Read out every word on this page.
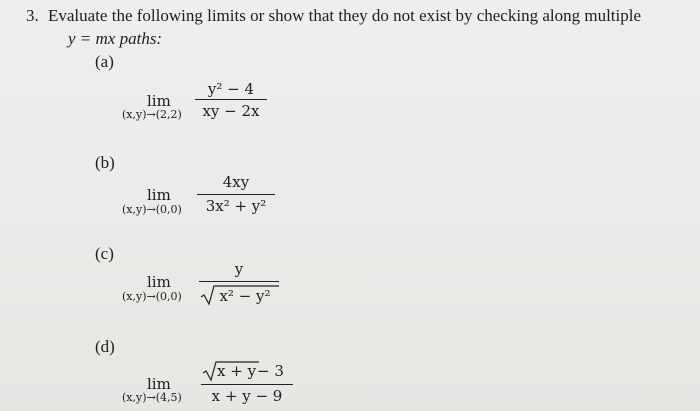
3. Evaluate the following limits or show that they do not exist by checking along multiple
y = mx paths:
(a)
lim
(x,y)→(2,2)
y² − 4
xy − 2x
(b)
lim
(x,y)→(0,0)
4xy
3x² + y²
(c)
lim
(x,y)→(0,0)
y
x² − y²
(d)
lim
(x,y)→(4,5)
x + y − 3
x + y − 9
